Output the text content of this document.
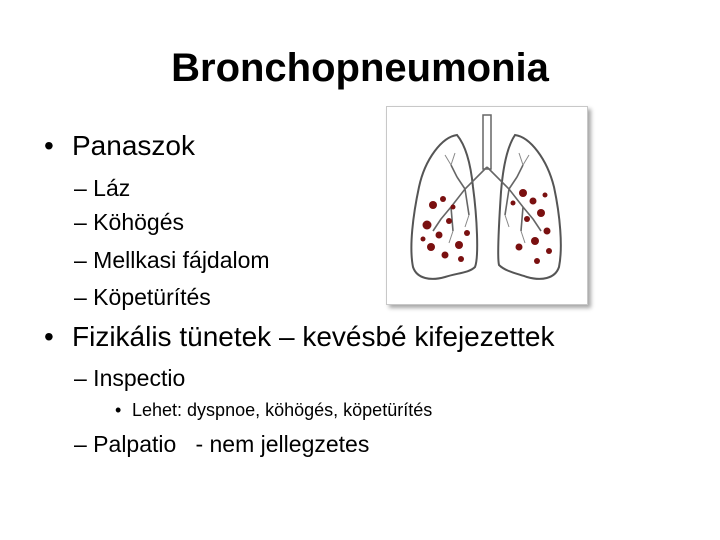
Bronchopneumonia
• Panaszok
– Láz
– Köhögés
– Mellkasi fájdalom
– Köpetürítés
• Fizikális tünetek – kevésbé kifejezettek
– Inspectio
• Lehet: dyspnoe, köhögés, köpetürítés
– Palpatio   - nem jellegzetes
